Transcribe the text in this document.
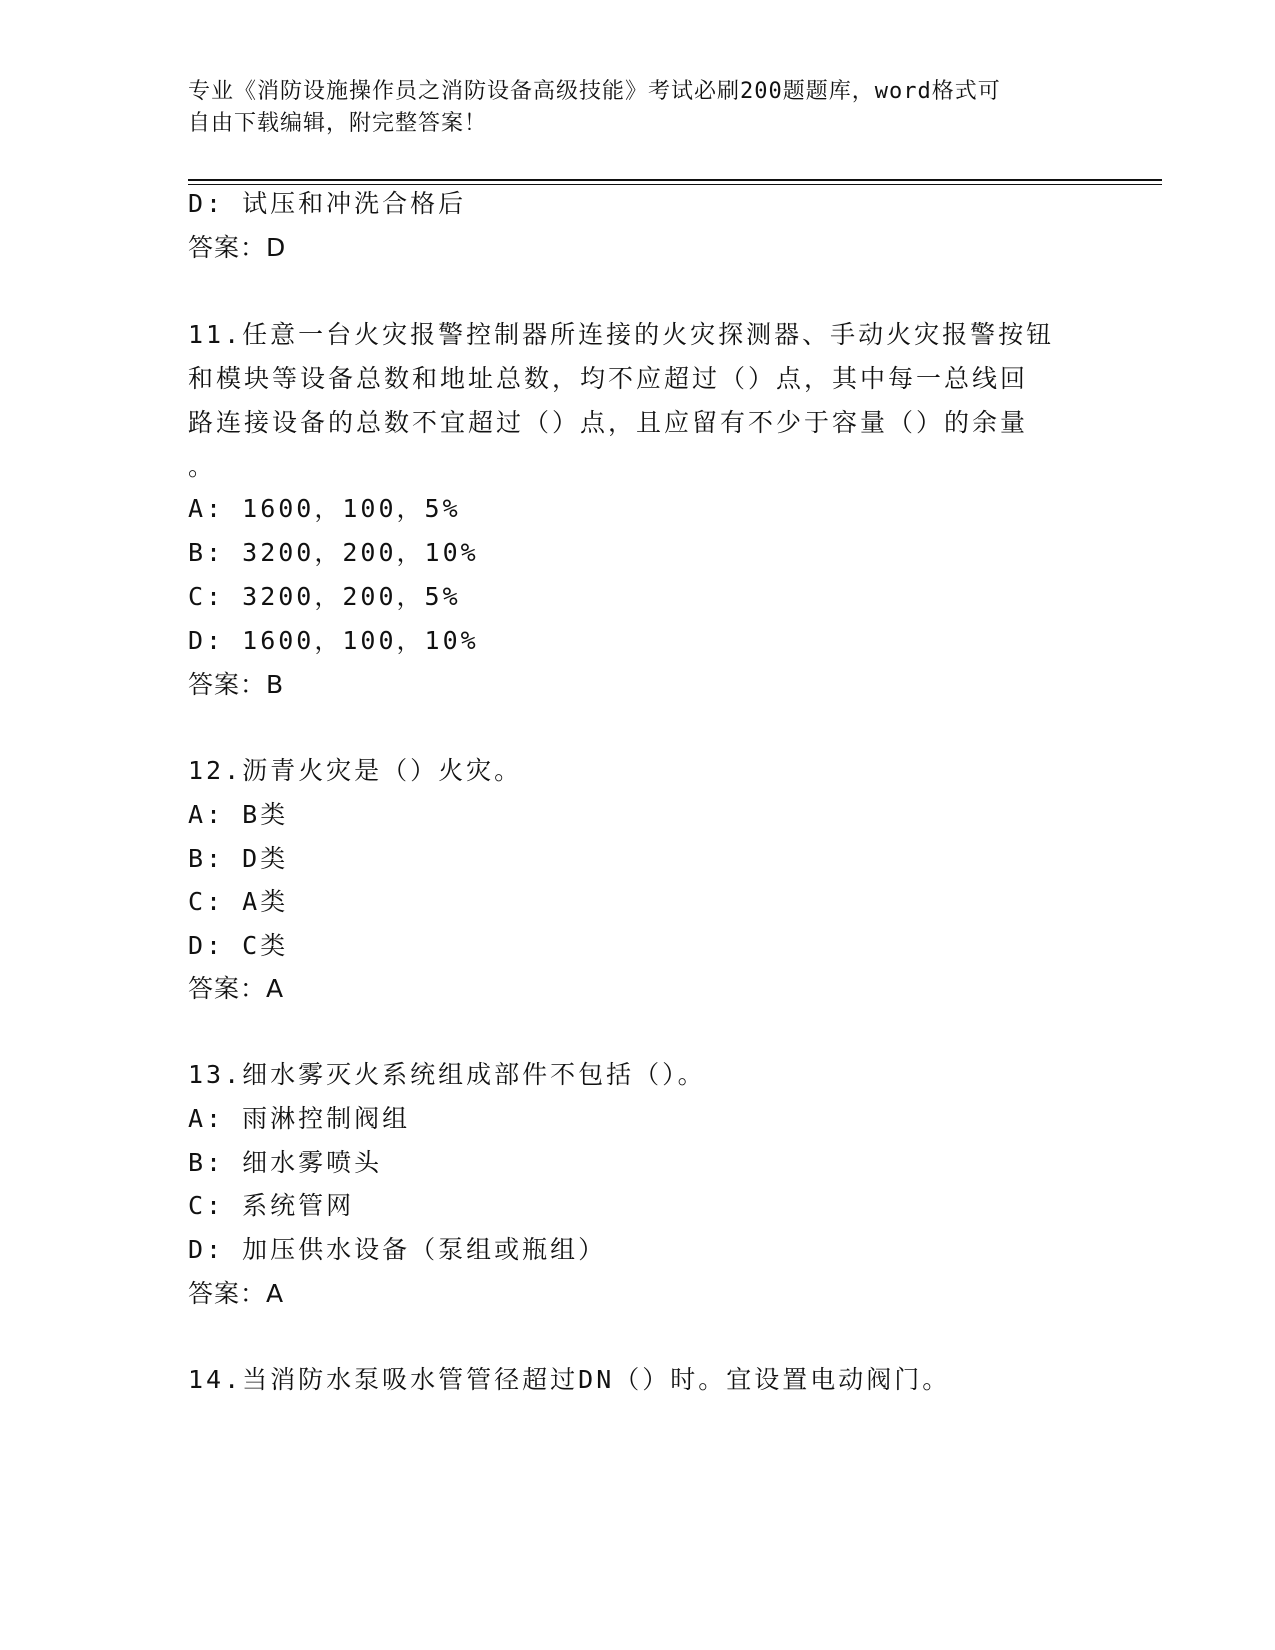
专业《消防设施操作员之消防设备高级技能》考试必刷200题题库，word格式可
自由下载编辑，附完整答案！
D: 试压和冲洗合格后
答案：D
11.任意一台火灾报警控制器所连接的火灾探测器、手动火灾报警按钮
和模块等设备总数和地址总数，均不应超过（）点，其中每一总线回
路连接设备的总数不宜超过（）点，且应留有不少于容量（）的余量
。
A: 1600，100，5%
B: 3200，200，10%
C: 3200，200，5%
D: 1600，100，10%
答案：B
12.沥青火灾是（）火灾。
A: B类
B: D类
C: A类
D: C类
答案：A
13.细水雾灭火系统组成部件不包括（）。
A: 雨淋控制阀组
B: 细水雾喷头
C: 系统管网
D: 加压供水设备（泵组或瓶组）
答案：A
14.当消防水泵吸水管管径超过DN（）时。宜设置电动阀门。
